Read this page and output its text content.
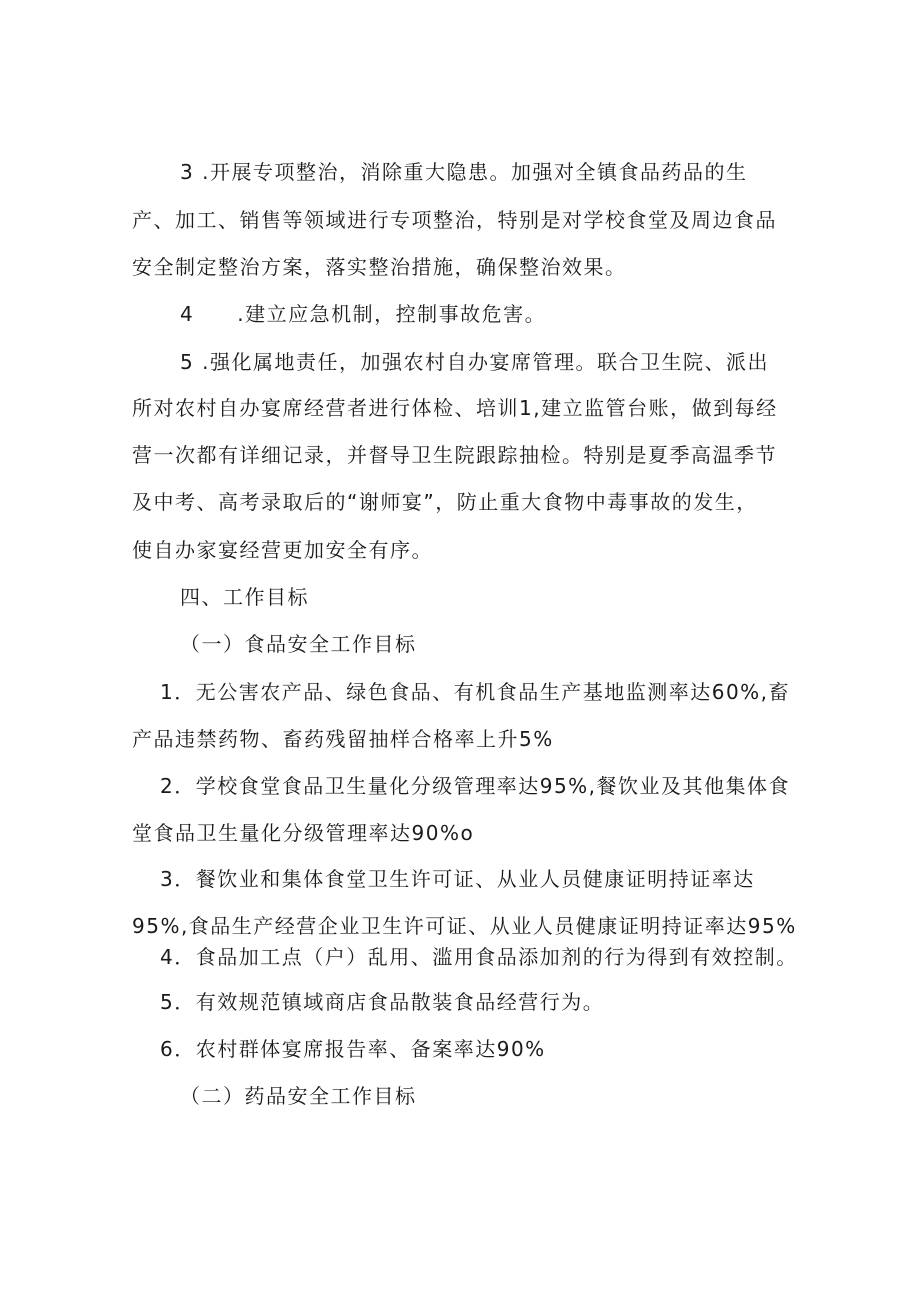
3 .开展专项整治，消除重大隐患。加强对全镇食品药品的生

产、加工、销售等领域进行专项整治，特别是对学校食堂及周边食品

安全制定整治方案，落实整治措施，确保整治效果。

4　　.建立应急机制，控制事故危害。

5 .强化属地责任，加强农村自办宴席管理。联合卫生院、派出

所对农村自办宴席经营者进行体检、培训1,建立监管台账，做到每经

营一次都有详细记录，并督导卫生院跟踪抽检。特别是夏季高温季节

及中考、高考录取后的“谢师宴”，防止重大食物中毒事故的发生，

使自办家宴经营更加安全有序。

四、工作目标

（一）食品安全工作目标

1．无公害农产品、绿色食品、有机食品生产基地监测率达60%,畜

产品违禁药物、畜药残留抽样合格率上升5%

2．学校食堂食品卫生量化分级管理率达95%,餐饮业及其他集体食

堂食品卫生量化分级管理率达90%o

3．餐饮业和集体食堂卫生许可证、从业人员健康证明持证率达

95%,食品生产经营企业卫生许可证、从业人员健康证明持证率达95%

4．食品加工点（户）乱用、滥用食品添加剂的行为得到有效控制。

5．有效规范镇域商店食品散装食品经营行为。

6．农村群体宴席报告率、备案率达90%

（二）药品安全工作目标
